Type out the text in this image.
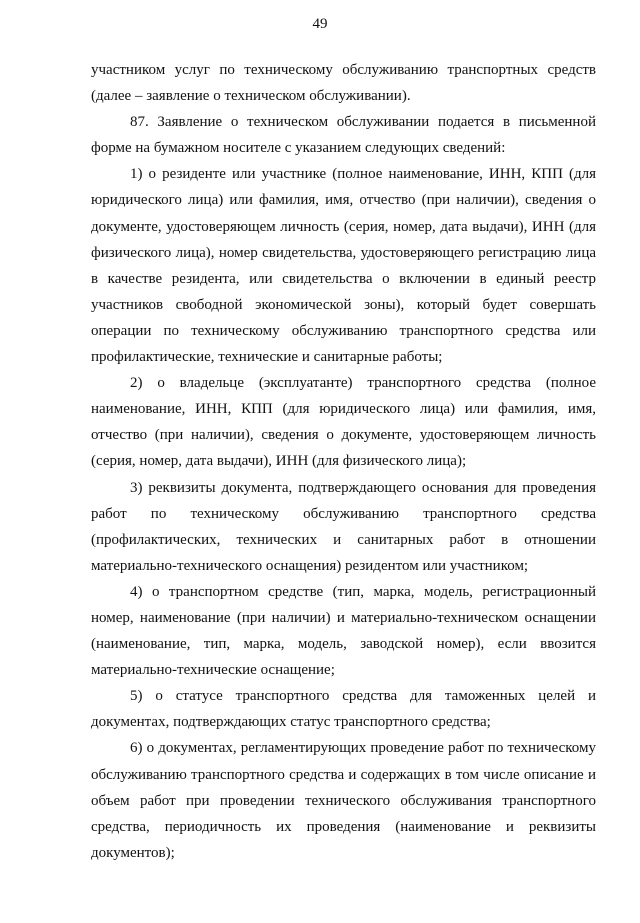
49

участником услуг по техническому обслуживанию транспортных средств (далее – заявление о техническом обслуживании).

87. Заявление о техническом обслуживании подается в письменной форме на бумажном носителе с указанием следующих сведений:

1) о резиденте или участнике (полное наименование, ИНН, КПП (для юридического лица) или фамилия, имя, отчество (при наличии), сведения о документе, удостоверяющем личность (серия, номер, дата выдачи), ИНН (для физического лица), номер свидетельства, удостоверяющего регистрацию лица в качестве резидента, или свидетельства о включении в единый реестр участников свободной экономической зоны), который будет совершать операции по техническому обслуживанию транспортного средства или профилактические, технические и санитарные работы;

2) о владельце (эксплуатанте) транспортного средства (полное наименование, ИНН, КПП (для юридического лица) или фамилия, имя, отчество (при наличии), сведения о документе, удостоверяющем личность (серия, номер, дата выдачи), ИНН (для физического лица);

3) реквизиты документа, подтверждающего основания для проведения работ по техническому обслуживанию транспортного средства (профилактических, технических и санитарных работ в отношении материально-технического оснащения) резидентом или участником;

4) о транспортном средстве (тип, марка, модель, регистрационный номер, наименование (при наличии) и материально-техническом оснащении (наименование, тип, марка, модель, заводской номер), если ввозится материально-технические оснащение;

5) о статусе транспортного средства для таможенных целей и документах, подтверждающих статус транспортного средства;

6) о документах, регламентирующих проведение работ по техническому обслуживанию транспортного средства и содержащих в том числе описание и объем работ при проведении технического обслуживания транспортного средства, периодичность их проведения (наименование и реквизиты документов);
